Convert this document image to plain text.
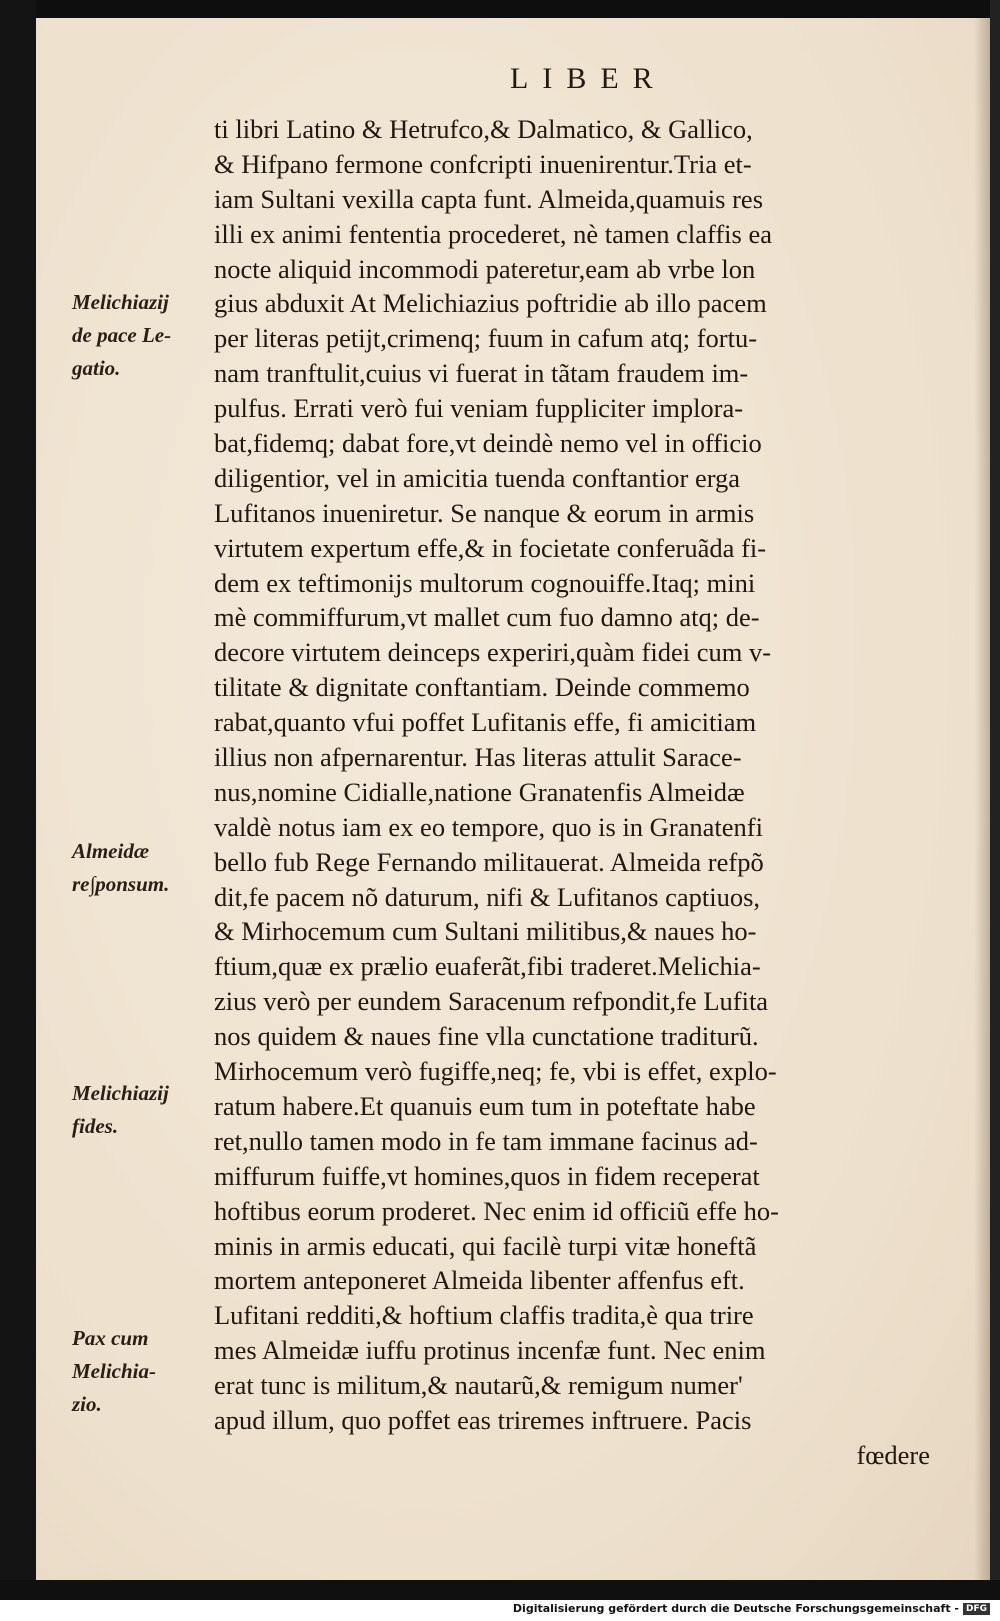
LIBER
ti libri Latino & Hetrufco,& Dalmatico, & Gallico,
& Hifpano fermone confcripti inuenirentur.Tria et-
iam Sultani vexilla capta funt. Almeida,quamuis res
illi ex animi fententia procederet, nè tamen claffis ea
nocte aliquid incommodi pateretur,eam ab vrbe lon
gius abduxit At Melichiazius poftridie ab illo pacem
per literas petijt,crimenq; fuum in cafum atq; fortu-
nam tranftulit,cuius vi fuerat in tãtam fraudem im-
pulfus. Errati verò fui veniam fuppliciter implora-
bat,fidemq; dabat fore,vt deindè nemo vel in officio
diligentior, vel in amicitia tuenda conftantior erga
Lufitanos inueniretur. Se nanque & eorum in armis
virtutem expertum effe,& in focietate conferuãda fi-
dem ex teftimonijs multorum cognouiffe.Itaq; mini
mè commiffurum,vt mallet cum fuo damno atq; de-
decore virtutem deinceps experiri,quàm fidei cum v-
tilitate & dignitate conftantiam. Deinde commemo
rabat,quanto vfui poffet Lufitanis effe, fi amicitiam
illius non afpernarentur. Has literas attulit Sarace-
nus,nomine Cidialle,natione Granatenfis Almeidæ
valdè notus iam ex eo tempore, quo is in Granatenfi
bello fub Rege Fernando militauerat. Almeida refpõ
dit,fe pacem nõ daturum, nifi & Lufitanos captiuos,
& Mirhocemum cum Sultani militibus,& naues ho-
ftium,quæ ex prælio euaferãt,fibi traderet.Melichia-
zius verò per eundem Saracenum refpondit,fe Lufita
nos quidem & naues fine vlla cunctatione traditurũ.
Mirhocemum verò fugiffe,neq; fe, vbi is effet, explo-
ratum habere.Et quanuis eum tum in poteftate habe
ret,nullo tamen modo in fe tam immane facinus ad-
miffurum fuiffe,vt homines,quos in fidem receperat
hoftibus eorum proderet. Nec enim id officiũ effe ho-
minis in armis educati, qui facilè turpi vitæ honeftã
mortem anteponeret Almeida libenter affenfus eft.
Lufitani redditi,& hoftium claffis tradita,è qua trire
mes Almeidæ iuffu protinus incenfæ funt. Nec enim
erat tunc is militum,& nautarũ,& remigum numer'
apud illum, quo poffet eas triremes inftruere. Pacis
fœdere
Melichiazij
de pace Le-
gatio.
Almeidæ
re∫ponsum.
Melichiazij
fides.
Pax cum
Melichia-
zio.
Digitalisierung gefördert durch die Deutsche Forschungsgemeinschaft - DFG
